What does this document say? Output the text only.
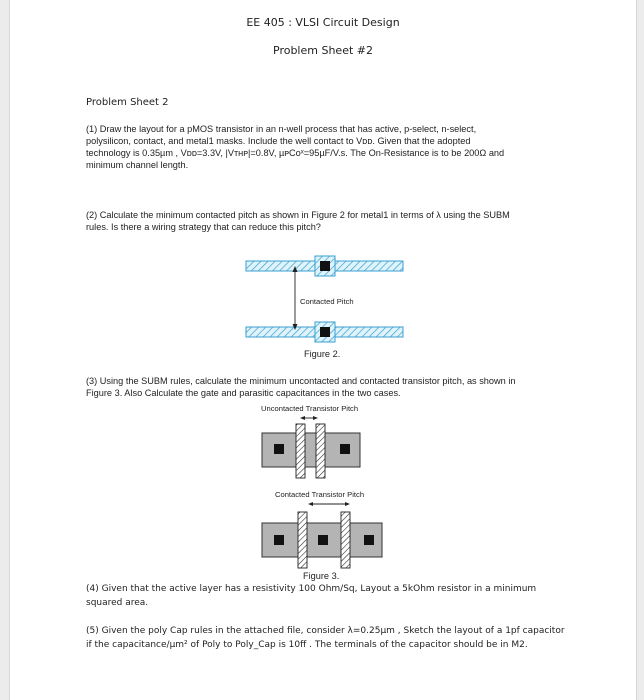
EE 405 : VLSI Circuit Design
Problem Sheet #2
Problem Sheet 2
(1) Draw the layout for a pMOS transistor in an n-well process that has active, p-select, n-select,
polysilicon, contact, and metal1 masks. Include the well contact to Vᴅᴅ. Given that the adopted
technology is 0.35µm , Vᴅᴅ=3.3V, |Vᴛʜᴘ|=0.8V, µᴘCᴏˣ=95µF/V.s. The On-Resistance is to be 200Ω and
minimum channel length.
(2) Calculate the minimum contacted pitch as shown in Figure 2 for metal1 in terms of λ using the SUBM
rules. Is there a wiring strategy that can reduce this pitch?
Contacted Pitch
Figure 2.
(3) Using the SUBM rules, calculate the minimum uncontacted and contacted transistor pitch, as shown in
Figure 3. Also Calculate the gate and parasitic capacitances in the two cases.
Uncontacted Transistor Pitch
Contacted Transistor Pitch
Figure 3.
(4) Given that the active layer has a resistivity 100 Ohm/Sq, Layout a 5kOhm resistor in a minimum
squared area.
(5) Given the poly Cap rules in the attached file, consider λ=0.25µm , Sketch the layout of a 1pf capacitor
if the capacitance/µm² of Poly to Poly_Cap is 10ff . The terminals of the capacitor should be in M2.
